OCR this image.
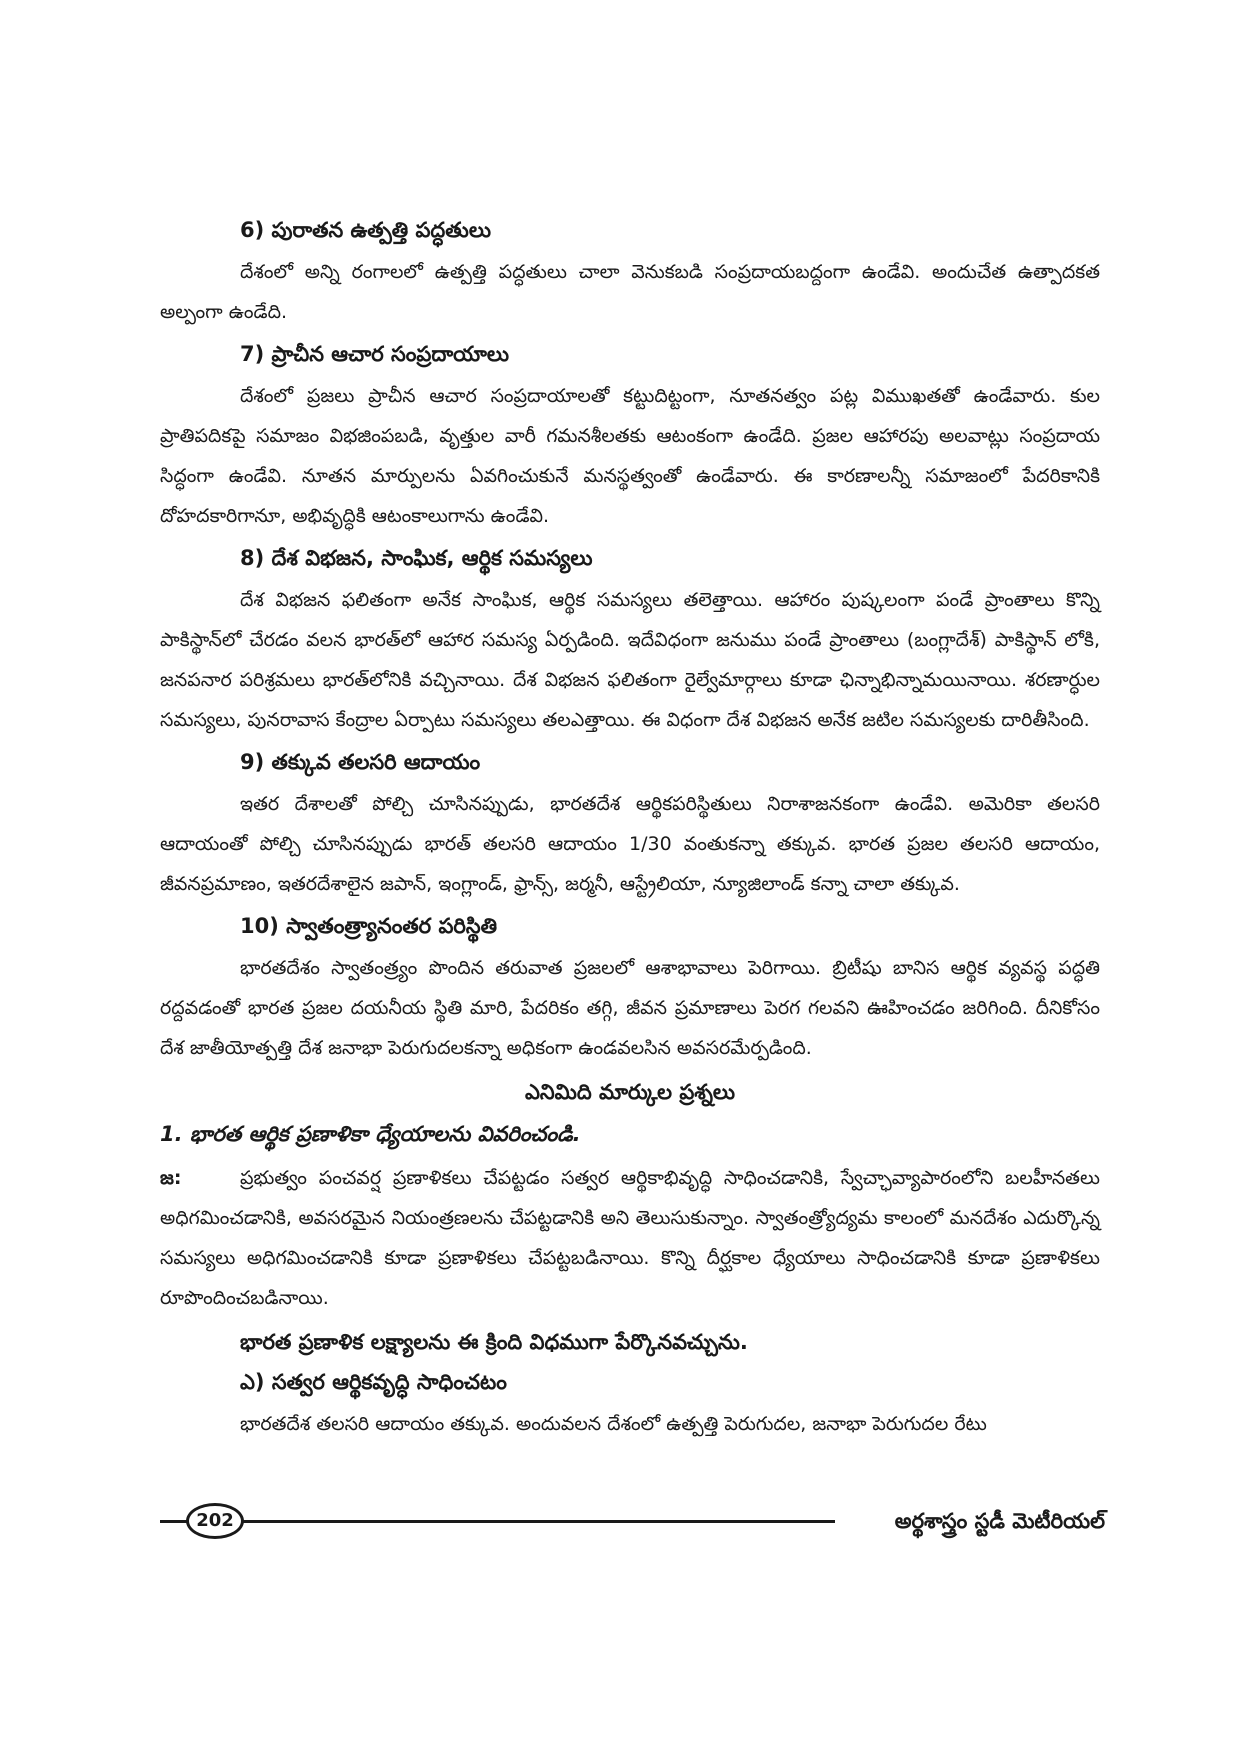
6) పురాతన ఉత్పత్తి పద్ధతులు

దేశంలో అన్ని రంగాలలో ఉత్పత్తి పద్ధతులు చాలా వెనుకబడి సంప్రదాయబద్దంగా ఉండేవి. అందుచేత ఉత్పాదకత అల్పంగా ఉండేది.

7) ప్రాచీన ఆచార సంప్రదాయాలు

దేశంలో ప్రజలు ప్రాచీన ఆచార సంప్రదాయాలతో కట్టుదిట్టంగా, నూతనత్వం పట్ల విముఖతతో ఉండేవారు. కుల ప్రాతిపదికపై సమాజం విభజింపబడి, వృత్తుల వారీ గమనశీలతకు ఆటంకంగా ఉండేది. ప్రజల ఆహారపు అలవాట్లు సంప్రదాయ సిద్ధంగా ఉండేవి. నూతన మార్పులను ఏవగించుకునే మనస్థత్వంతో ఉండేవారు. ఈ కారణాలన్నీ సమాజంలో పేదరికానికి దోహదకారిగానూ, అభివృద్ధికి ఆటంకాలుగాను ఉండేవి.

8) దేశ విభజన, సాంఘిక, ఆర్థిక సమస్యలు

దేశ విభజన ఫలితంగా అనేక సాంఘిక, ఆర్థిక సమస్యలు తలెత్తాయి. ఆహారం పుష్కలంగా పండే ప్రాంతాలు కొన్ని పాకిస్థాన్‌లో చేరడం వలన భారత్‌లో ఆహార సమస్య ఏర్పడింది. ఇదేవిధంగా జనుము పండే ప్రాంతాలు (బంగ్లాదేశ్) పాకిస్థాన్ లోకి, జనపనార పరిశ్రమలు భారత్‌లోనికి వచ్చినాయి. దేశ విభజన ఫలితంగా రైల్వేమార్గాలు కూడా ఛిన్నాభిన్నామయినాయి. శరణార్ధుల సమస్యలు, పునరావాస కేంద్రాల ఏర్పాటు సమస్యలు తలఎత్తాయి. ఈ విధంగా దేశ విభజన అనేక జటిల సమస్యలకు దారితీసింది.

9) తక్కువ తలసరి ఆదాయం

ఇతర దేశాలతో పోల్చి చూసినప్పుడు, భారతదేశ ఆర్థికపరిస్థితులు నిరాశాజనకంగా ఉండేవి. అమెరికా తలసరి ఆదాయంతో పోల్చి చూసినప్పుడు భారత్ తలసరి ఆదాయం 1/30 వంతుకన్నా తక్కువ. భారత ప్రజల తలసరి ఆదాయం, జీవనప్రమాణం, ఇతరదేశాలైన జపాన్, ఇంగ్లాండ్, ఫ్రాన్స్, జర్మనీ, ఆస్ట్రేలియా, న్యూజిలాండ్ కన్నా చాలా తక్కువ.

10) స్వాతంత్ర్యానంతర పరిస్థితి

భారతదేశం స్వాతంత్ర్యం పొందిన తరువాత ప్రజలలో ఆశాభావాలు పెరిగాయి. బ్రిటీషు బానిస ఆర్థిక వ్యవస్థ పద్ధతి రద్దవడంతో భారత ప్రజల దయనీయ స్థితి మారి, పేదరికం తగ్గి, జీవన ప్రమాణాలు పెరగ గలవని ఊహించడం జరిగింది. దీనికోసం దేశ జాతీయోత్పత్తి దేశ జనాభా పెరుగుదలకన్నా అధికంగా ఉండవలసిన అవసరమేర్పడింది.

ఎనిమిది మార్కుల ప్రశ్నలు
1. భారత ఆర్థిక ప్రణాళికా ధ్యేయాలను వివరించండి.
జ:	ప్రభుత్వం పంచవర్ష ప్రణాళికలు చేపట్టడం సత్వర ఆర్థికాభివృద్ధి సాధించడానికి, స్వేచ్ఛావ్యాపారంలోని బలహీనతలు అధిగమించడానికి, అవసరమైన నియంత్రణలను చేపట్టడానికి అని తెలుసుకున్నాం. స్వాతంత్ర్యోద్యమ కాలంలో మనదేశం ఎదుర్కొన్న సమస్యలు అధిగమించడానికి కూడా ప్రణాళికలు చేపట్టబడినాయి. కొన్ని దీర్ఘకాల ధ్యేయాలు సాధించడానికి కూడా ప్రణాళికలు రూపొందించబడినాయి.
భారత ప్రణాళిక లక్ష్యాలను ఈ క్రింది విధముగా పేర్కొనవచ్చును.
ఎ) సత్వర ఆర్థికవృద్ధి సాధించటం

భారతదేశ తలసరి ఆదాయం తక్కువ. అందువలన దేశంలో ఉత్పత్తి పెరుగుదల, జనాభా పెరుగుదల రేటు

202	అర్థశాస్త్రం స్టడీ మెటీరియల్
